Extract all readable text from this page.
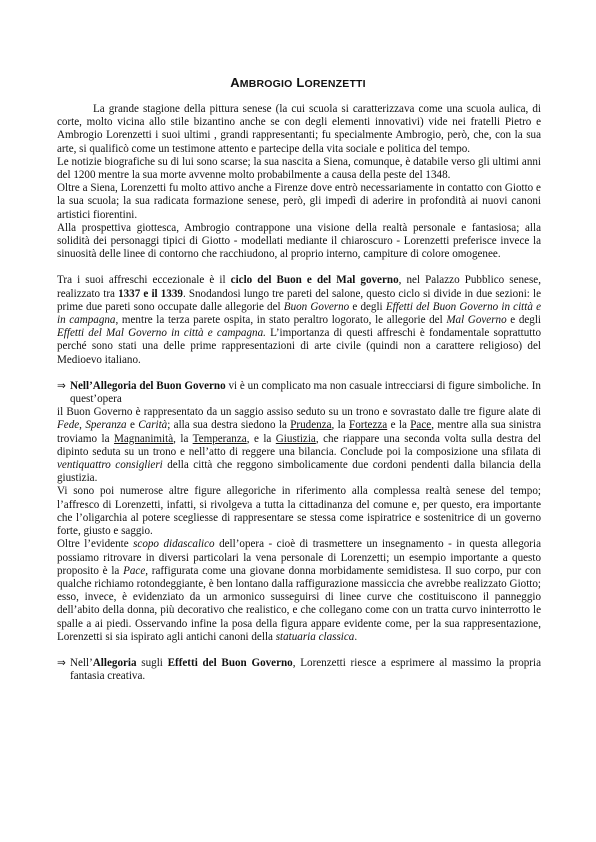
AMBROGIO LORENZETTI

La grande stagione della pittura senese (la cui scuola si caratterizzava come una scuola aulica, di corte, molto vicina allo stile bizantino anche se con degli elementi innovativi) vide nei fratelli Pietro e Ambrogio Lorenzetti i suoi ultimi , grandi rappresentanti; fu specialmente Ambrogio, però, che, con la sua arte, si qualificò come un testimone attento e partecipe della vita sociale e politica del tempo.

Le notizie biografiche su di lui sono scarse; la sua nascita a Siena, comunque, è databile verso gli ultimi anni del 1200 mentre la sua morte avvenne molto probabilmente a causa della peste del 1348.

Oltre a Siena, Lorenzetti fu molto attivo anche a Firenze dove entrò necessariamente in contatto con Giotto e la sua scuola; la sua radicata formazione senese, però, gli impedì di aderire in profondità ai nuovi canoni artistici fiorentini.

Alla prospettiva giottesca, Ambrogio contrappone una visione della realtà personale e fantasiosa; alla solidità dei personaggi tipici di Giotto - modellati mediante il chiaroscuro - Lorenzetti preferisce invece la sinuosità delle linee di contorno che racchiudono, al proprio interno, campiture di colore omogenee.

Tra i suoi affreschi eccezionale è il ciclo del Buon e del Mal governo, nel Palazzo Pubblico senese, realizzato tra 1337 e il 1339. Snodandosi lungo tre pareti del salone, questo ciclo si divide in due sezioni: le prime due pareti sono occupate dalle allegorie del Buon Governo e degli Effetti del Buon Governo in città e in campagna, mentre la terza parete ospita, in stato peraltro logorato, le allegorie del Mal Governo e degli Effetti del Mal Governo in città e campagna. L’importanza di questi affreschi è fondamentale soprattutto perché sono stati una delle prime rappresentazioni di arte civile (quindi non a carattere religioso) del Medioevo italiano.

⇒ Nell’Allegoria del Buon Governo vi è un complicato ma non casuale intrecciarsi di figure simboliche. In quest’opera

il Buon Governo è rappresentato da un saggio assiso seduto su un trono e sovrastato dalle tre figure alate di Fede, Speranza e Carità; alla sua destra siedono la Prudenza, la Fortezza e la Pace, mentre alla sua sinistra troviamo la Magnanimità, la Temperanza, e la Giustizia, che riappare una seconda volta sulla destra del dipinto seduta su un trono e nell’atto di reggere una bilancia. Conclude poi la composizione una sfilata di ventiquattro consiglieri della città che reggono simbolicamente due cordoni pendenti dalla bilancia della giustizia.

Vi sono poi numerose altre figure allegoriche in riferimento alla complessa realtà senese del tempo; l’affresco di Lorenzetti, infatti, si rivolgeva a tutta la cittadinanza del comune e, per questo, era importante che l’oligarchia al potere scegliesse di rappresentare se stessa come ispiratrice e sostenitrice di un governo forte, giusto e saggio.

Oltre l’evidente scopo didascalico dell’opera - cioè di trasmettere un insegnamento - in questa allegoria possiamo ritrovare in diversi particolari la vena personale di Lorenzetti; un esempio importante a questo proposito è la Pace, raffigurata come una giovane donna morbidamente semidistesa. Il suo corpo, pur con qualche richiamo rotondeggiante, è ben lontano dalla raffigurazione massiccia che avrebbe realizzato Giotto; esso, invece, è evidenziato da un armonico susseguirsi di linee curve che costituiscono il panneggio dell’abito della donna, più decorativo che realistico, e che collegano come con un tratta curvo ininterrotto le spalle a ai piedi. Osservando infine la posa della figura appare evidente come, per la sua rappresentazione, Lorenzetti si sia ispirato agli antichi canoni della statuaria classica.

⇒ Nell’Allegoria sugli Effetti del Buon Governo, Lorenzetti riesce a esprimere al massimo la propria fantasia creativa.
